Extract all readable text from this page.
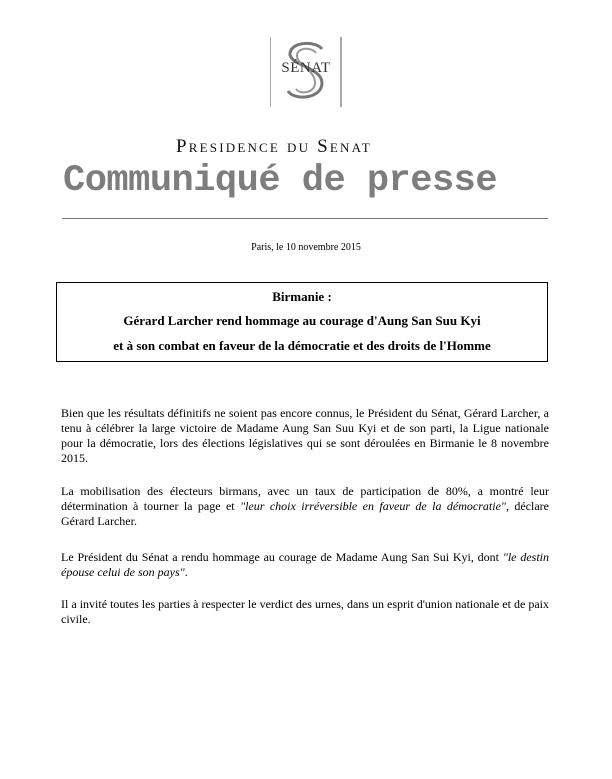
SÉNAT
Presidence du Senat
Communiqué de presse
Paris, le 10 novembre 2015
Birmanie :
Gérard Larcher rend hommage au courage d'Aung San Suu Kyi
et à son combat en faveur de la démocratie et des droits de l'Homme

Bien que les résultats définitifs ne soient pas encore connus, le Président du Sénat, Gérard Larcher, a tenu à célébrer la large victoire de Madame Aung San Suu Kyi et de son parti, la Ligue nationale pour la démocratie, lors des élections législatives qui se sont déroulées en Birmanie le 8 novembre 2015.

La mobilisation des électeurs birmans, avec un taux de participation de 80%, a montré leur détermination à tourner la page et "leur choix irréversible en faveur de la démocratie", déclare Gérard Larcher.

Le Président du Sénat a rendu hommage au courage de Madame Aung San Sui Kyi, dont "le destin épouse celui de son pays".

Il a invité toutes les parties à respecter le verdict des urnes, dans un esprit d'union nationale et de paix civile.
